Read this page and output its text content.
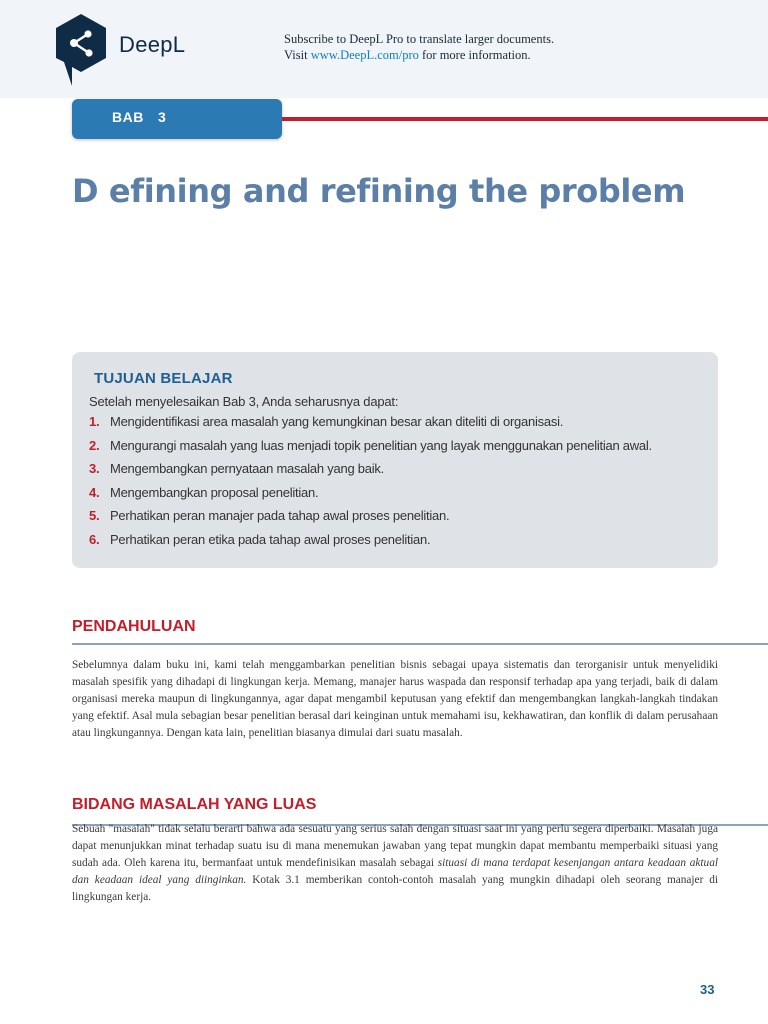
DeepL	Subscribe to DeepL Pro to translate larger documents.
Visit www.DeepL.com/pro for more information.
BAB 3
D efining and refining the problem
TUJUAN BELAJAR
Setelah menyelesaikan Bab 3, Anda seharusnya dapat:
1. Mengidentifikasi area masalah yang kemungkinan besar akan diteliti di organisasi.
2. Mengurangi masalah yang luas menjadi topik penelitian yang layak menggunakan penelitian awal.
3. Mengembangkan pernyataan masalah yang baik.
4. Mengembangkan proposal penelitian.
5. Perhatikan peran manajer pada tahap awal proses penelitian.
6. Perhatikan peran etika pada tahap awal proses penelitian.
PENDAHULUAN

Sebelumnya dalam buku ini, kami telah menggambarkan penelitian bisnis sebagai upaya sistematis dan terorganisir untuk menyelidiki masalah spesifik yang dihadapi di lingkungan kerja. Memang, manajer harus waspada dan responsif terhadap apa yang terjadi, baik di dalam organisasi mereka maupun di lingkungannya, agar dapat mengambil keputusan yang efektif dan mengembangkan langkah-langkah tindakan yang efektif. Asal mula sebagian besar penelitian berasal dari keinginan untuk memahami isu, kekhawatiran, dan konflik di dalam perusahaan atau lingkungannya. Dengan kata lain, penelitian biasanya dimulai dari suatu masalah.

BIDANG MASALAH YANG LUAS

Sebuah "masalah" tidak selalu berarti bahwa ada sesuatu yang serius salah dengan situasi saat ini yang perlu segera diperbaiki. Masalah juga dapat menunjukkan minat terhadap suatu isu di mana menemukan jawaban yang tepat mungkin dapat membantu memperbaiki situasi yang sudah ada. Oleh karena itu, bermanfaat untuk mendefinisikan masalah sebagai situasi di mana terdapat kesenjangan antara keadaan aktual dan keadaan ideal yang diinginkan. Kotak 3.1 memberikan contoh-contoh masalah yang mungkin dihadapi oleh seorang manajer di lingkungan kerja.

33
